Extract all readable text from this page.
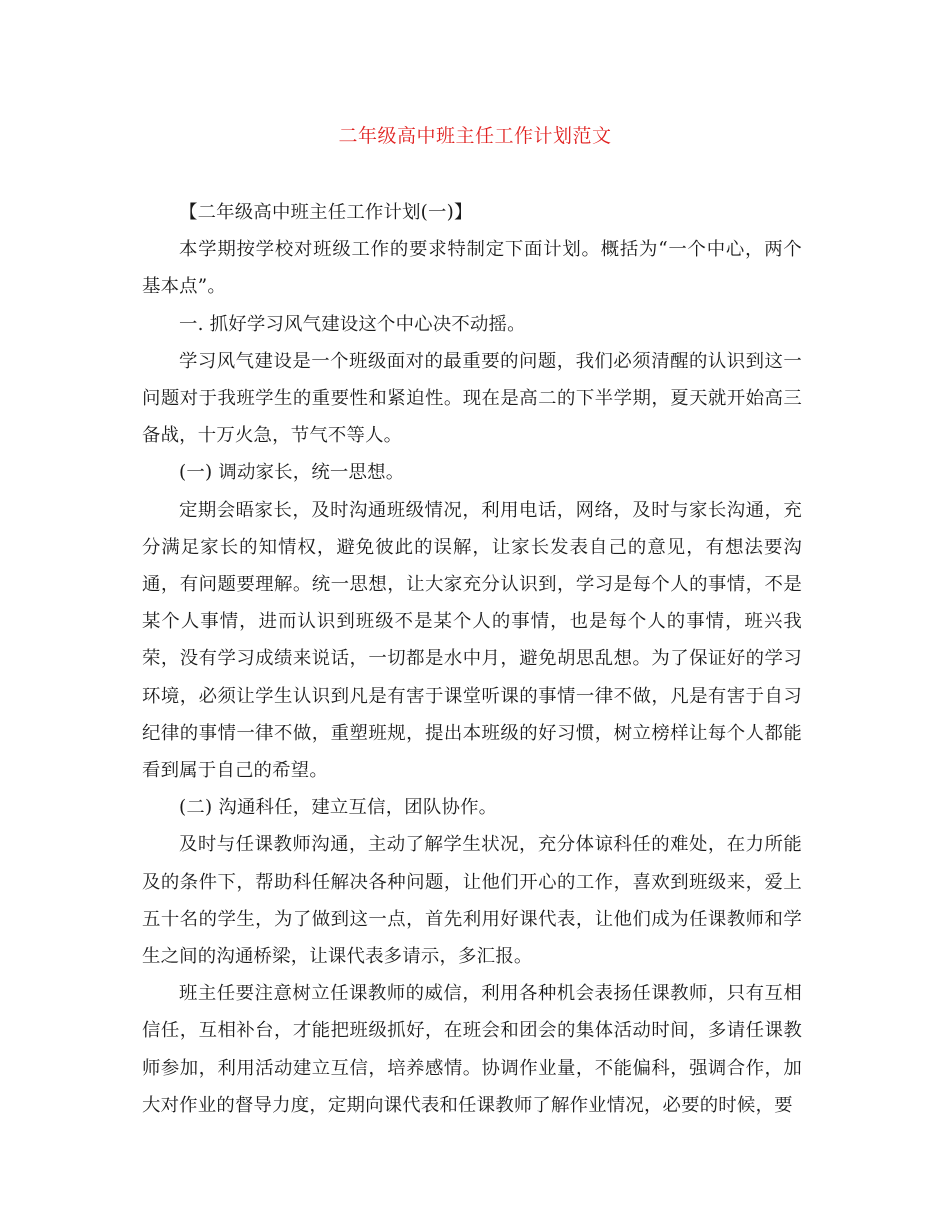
二年级高中班主任工作计划范文

【二年级高中班主任工作计划(一)】

本学期按学校对班级工作的要求特制定下面计划。概括为“一个中心，两个基本点”。

一. 抓好学习风气建设这个中心决不动摇。

学习风气建设是一个班级面对的最重要的问题，我们必须清醒的认识到这一问题对于我班学生的重要性和紧迫性。现在是高二的下半学期，夏天就开始高三备战，十万火急，节气不等人。

(一) 调动家长，统一思想。

定期会晤家长，及时沟通班级情况，利用电话，网络，及时与家长沟通，充分满足家长的知情权，避免彼此的误解，让家长发表自己的意见，有想法要沟通，有问题要理解。统一思想，让大家充分认识到，学习是每个人的事情，不是某个人事情，进而认识到班级不是某个人的事情，也是每个人的事情，班兴我荣，没有学习成绩来说话，一切都是水中月，避免胡思乱想。为了保证好的学习环境，必须让学生认识到凡是有害于课堂听课的事情一律不做，凡是有害于自习纪律的事情一律不做，重塑班规，提出本班级的好习惯，树立榜样让每个人都能看到属于自己的希望。

(二) 沟通科任，建立互信，团队协作。

及时与任课教师沟通，主动了解学生状况，充分体谅科任的难处，在力所能及的条件下，帮助科任解决各种问题，让他们开心的工作，喜欢到班级来，爱上五十名的学生，为了做到这一点，首先利用好课代表，让他们成为任课教师和学生之间的沟通桥梁，让课代表多请示，多汇报。

班主任要注意树立任课教师的威信，利用各种机会表扬任课教师，只有互相信任，互相补台，才能把班级抓好，在班会和团会的集体活动时间，多请任课教师参加，利用活动建立互信，培养感情。协调作业量，不能偏科，强调合作，加大对作业的督导力度，定期向课代表和任课教师了解作业情况，必要的时候，要
